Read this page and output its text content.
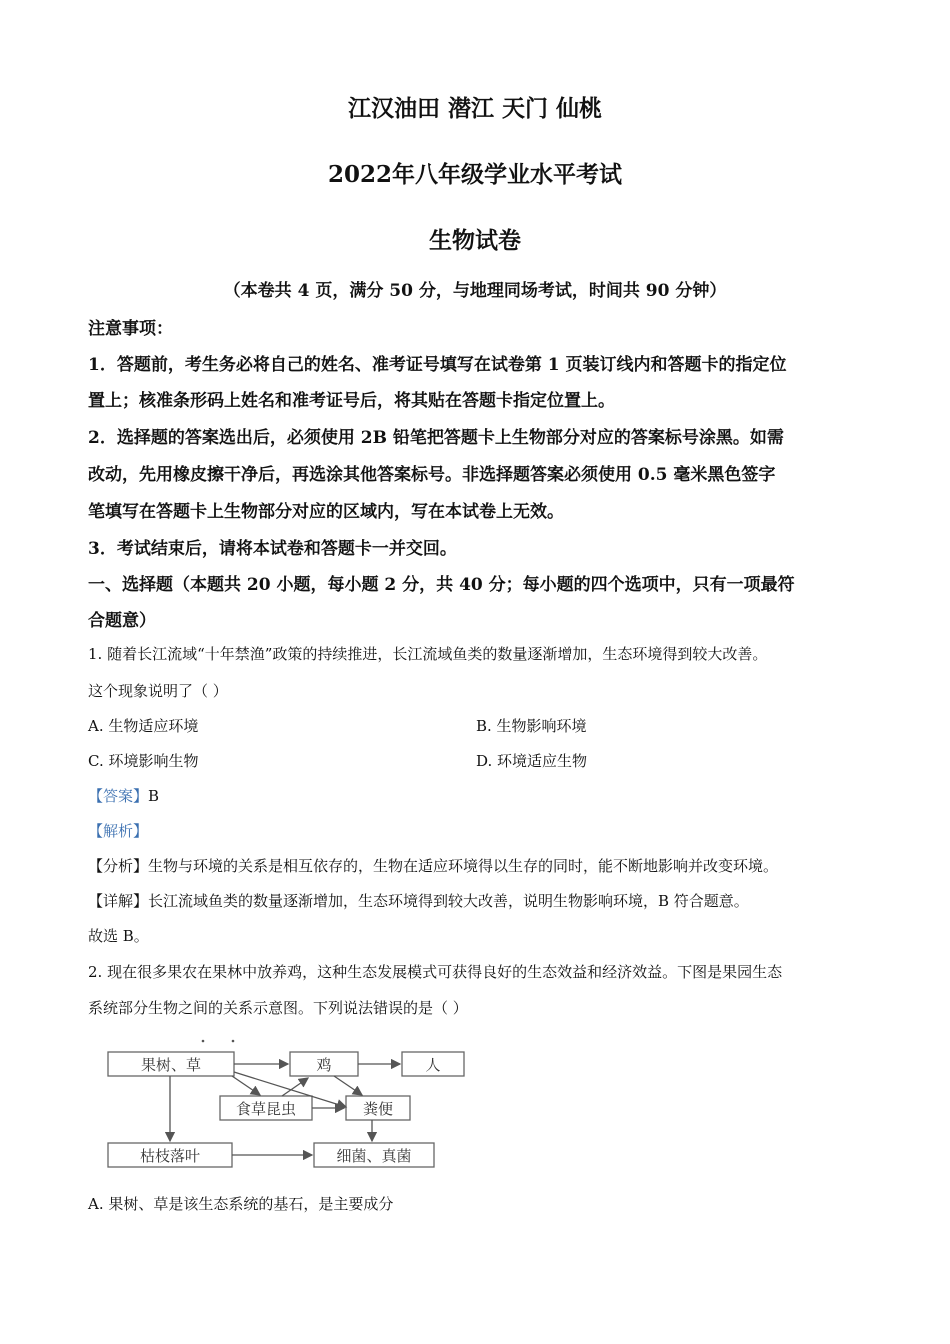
江汉油田 潜江 天门 仙桃
2022年八年级学业水平考试
生物试卷
（本卷共 4 页，满分 50 分，与地理同场考试，时间共 90 分钟）
注意事项：
1．答题前，考生务必将自己的姓名、准考证号填写在试卷第 1 页装订线内和答题卡的指定位
置上；核准条形码上姓名和准考证号后，将其贴在答题卡指定位置上。
2．选择题的答案选出后，必须使用 2B 铅笔把答题卡上生物部分对应的答案标号涂黑。如需
改动，先用橡皮擦干净后，再选涂其他答案标号。非选择题答案必须使用 0.5 毫米黑色签字
笔填写在答题卡上生物部分对应的区域内，写在本试卷上无效。
3．考试结束后，请将本试卷和答题卡一并交回。
一、选择题（本题共 20 小题，每小题 2 分，共 40 分；每小题的四个选项中，只有一项最符
合题意）
1. 随着长江流域“十年禁渔”政策的持续推进，长江流域鱼类的数量逐渐增加，生态环境得到较大改善。
这个现象说明了（ ）
A. 生物适应环境	B. 生物影响环境
C. 环境影响生物	D. 环境适应生物
【答案】B
【解析】
【分析】生物与环境的关系是相互依存的，生物在适应环境得以生存的同时，能不断地影响并改变环境。
【详解】长江流域鱼类的数量逐渐增加，生态环境得到较大改善，说明生物影响环境，B 符合题意。
故选 B。
2. 现在很多果农在果林中放养鸡，这种生态发展模式可获得良好的生态效益和经济效益。下图是果园生态
系统部分生物之间的关系示意图。下列说法错误的是（ ）
果树、草	鸡	人
食草昆虫	粪便
枯枝落叶	细菌、真菌
A. 果树、草是该生态系统的基石，是主要成分
